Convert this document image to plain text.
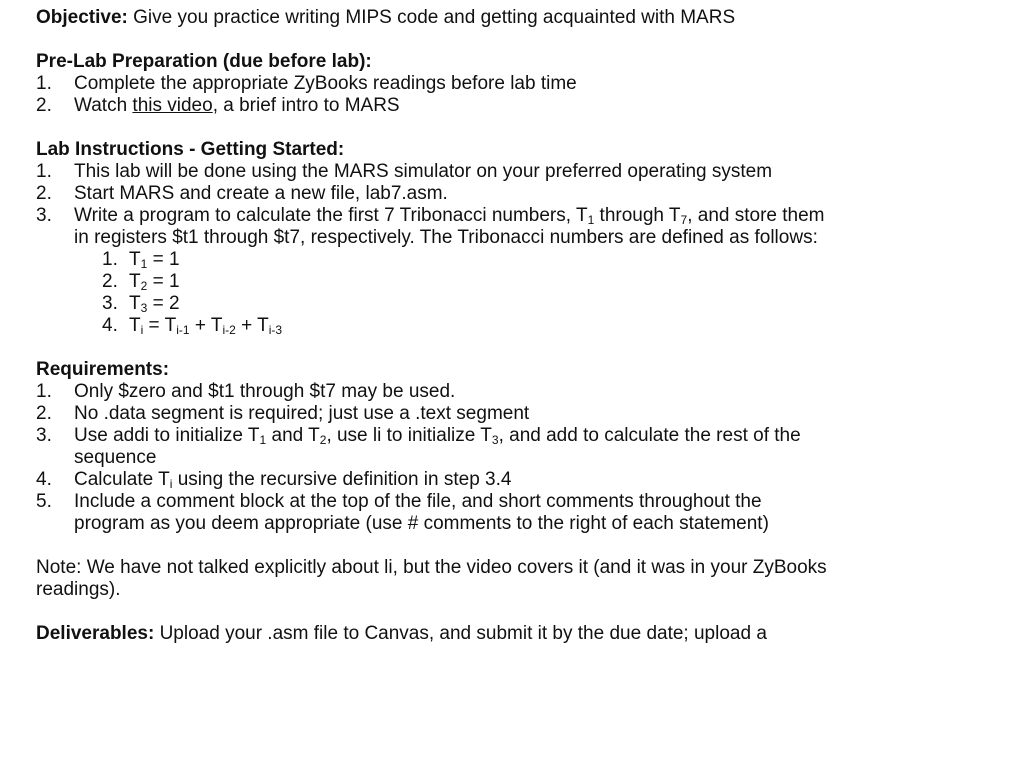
Objective: Give you practice writing MIPS code and getting acquainted with MARS
Pre-Lab Preparation (due before lab):
1. Complete the appropriate ZyBooks readings before lab time
2. Watch this video, a brief intro to MARS
Lab Instructions - Getting Started:
1. This lab will be done using the MARS simulator on your preferred operating system
2. Start MARS and create a new file, lab7.asm.
3. Write a program to calculate the first 7 Tribonacci numbers, $T_1$ through $T_7$, and store them
in registers $t1 through $t7, respectively. The Tribonacci numbers are defined as follows:
1. $T_1 = 1$
2. $T_2 = 1$
3. $T_3 = 2$
4. $T_i = T_{i-1} + T_{i-2} + T_{i-3}$
Requirements:
1. Only $zero and $t1 through $t7 may be used.
2. No .data segment is required; just use a .text segment
3. Use addi to initialize $T_1$ and $T_2$, use li to initialize $T_3$, and add to calculate the rest of the
sequence
4. Calculate $T_i$ using the recursive definition in step 3.4
5. Include a comment block at the top of the file, and short comments throughout the
program as you deem appropriate (use # comments to the right of each statement)
Note: We have not talked explicitly about li, but the video covers it (and it was in your ZyBooks
readings).
Deliverables: Upload your .asm file to Canvas, and submit it by the due date; upload a
